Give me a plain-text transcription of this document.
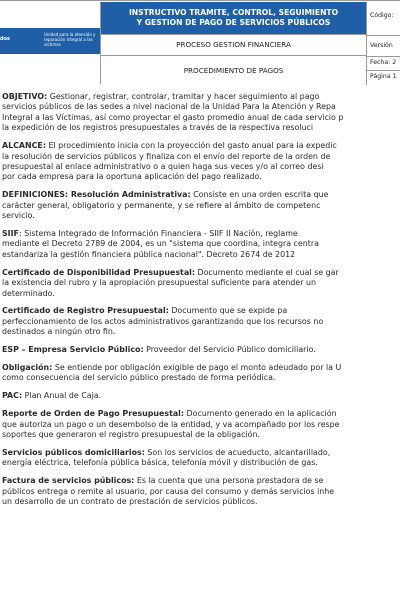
dos
Unidad para la atención y reparación integral a las víctimas
INSTRUCTIVO TRAMITE, CONTROL, SEGUIMIENTO
Y GESTION DE PAGO DE SERVICIOS PÚBLICOS
PROCESO GESTION FINANCIERA
PROCEDIMIENTO DE PAGOS
Código:
Versión
Fecha: 2
Página 1
OBJETIVO: Gestionar, registrar, controlar, tramitar y hacer seguimiento al pago
servicios públicos de las sedes a nivel nacional de la Unidad Para la Atención y Repa
Integral a las Víctimas, así como proyectar el gasto promedio anual de cada servicio p
la expedición de los registros presupuestales a través de la respectiva resoluci
ALCANCE: El procedimiento inicia con la proyección del gasto anual para la expedic
la resolución de servicios públicos y finaliza con el envío del reporte de la orden de
presupuestal al enlace administrativo o a quien haga sus veces y/o al correo desi
por cada empresa para la oportuna aplicación del pago realizado.
DEFINICIONES: Resolución Administrativa: Consiste en una orden escrita que
carácter general, obligatorio y permanente, y se refiere al ámbito de competenc
servicio.
SIIF: Sistema Integrado de Información Financiera - SIIF II Nación, reglame
mediante el Decreto 2789 de 2004, es un "sistema que coordina, integra centra
estandariza la gestión financiera pública nacional". Decreto 2674 de 2012
Certificado de Disponibilidad Presupuestal: Documento mediante el cual se gar
la existencia del rubro y la apropiación presupuestal suficiente para atender un
determinado.
Certificado de Registro Presupuestal: Documento que se expide pa
perfeccionamiento de los actos administrativos garantizando que los recursos no
destinados a ningún otro fin.
ESP – Empresa Servicio Público: Proveedor del Servicio Público domiciliario.
Obligación: Se entiende por obligación exigible de pago el monto adeudado por la U
como consecuencia del servicio público prestado de forma periódica.
PAC: Plan Anual de Caja.
Reporte de Orden de Pago Presupuestal: Documento generado en la aplicación
que autoriza un pago o un desembolso de la entidad, y va acompañado por los respe
soportes que generaron el registro presupuestal de la obligación.
Servicios públicos domiciliarios: Son los servicios de acueducto, alcantarillado,
energía eléctrica, telefonía pública básica, telefonía móvil y distribución de gas.
Factura de servicios públicos: Es la cuenta que una persona prestadora de se
públicos entrega o remite al usuario, por causa del consumo y demás servicios inhe
un desarrollo de un contrato de prestación de servicios públicos.
